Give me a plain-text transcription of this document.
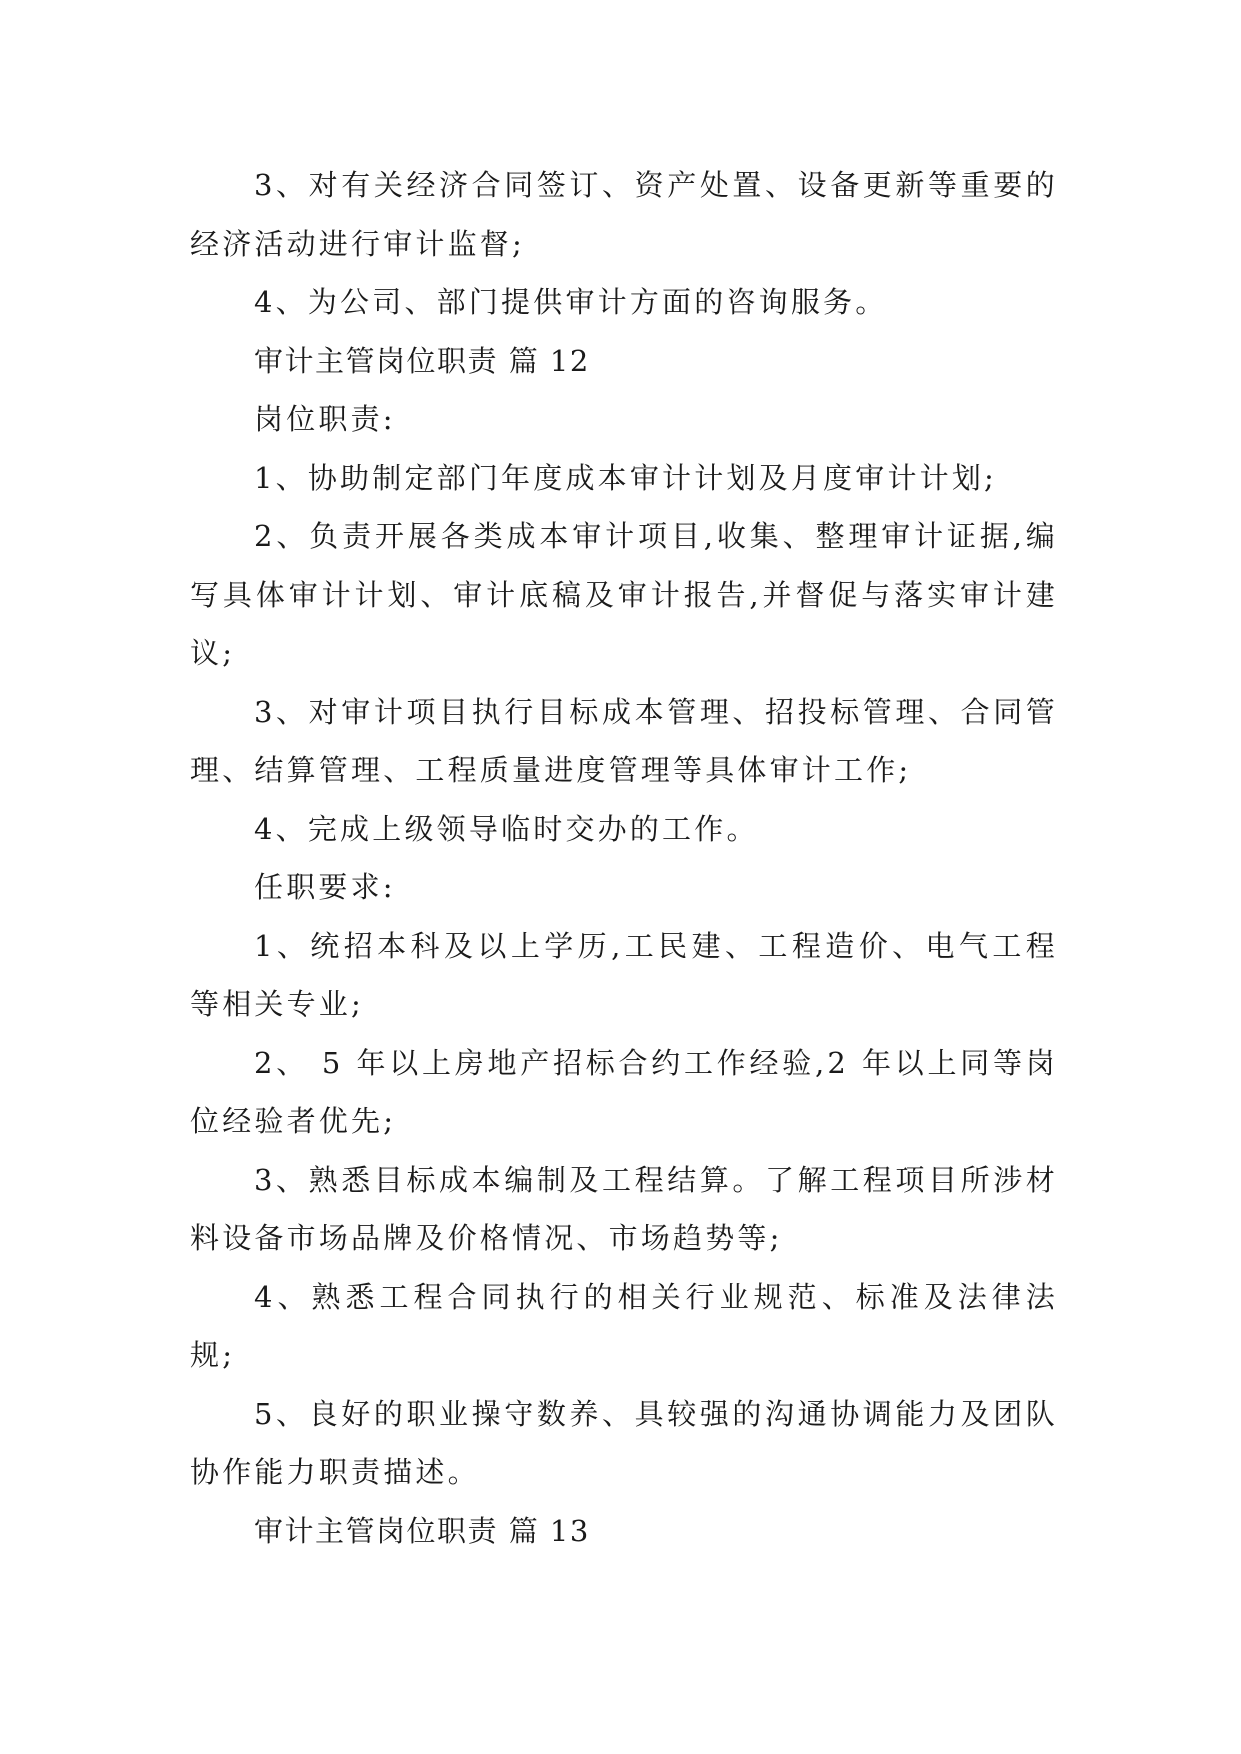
3、对有关经济合同签订、资产处置、设备更新等重要的经济活动进行审计监督;

4、为公司、部门提供审计方面的咨询服务。

审计主管岗位职责 篇 12

岗位职责:

1、协助制定部门年度成本审计计划及月度审计计划;

2、负责开展各类成本审计项目,收集、整理审计证据,编写具体审计计划、审计底稿及审计报告,并督促与落实审计建议;

3、对审计项目执行目标成本管理、招投标管理、合同管理、结算管理、工程质量进度管理等具体审计工作;

4、完成上级领导临时交办的工作。

任职要求:

1、统招本科及以上学历,工民建、工程造价、电气工程等相关专业;

2、 5 年以上房地产招标合约工作经验,2 年以上同等岗位经验者优先;

3、熟悉目标成本编制及工程结算。了解工程项目所涉材料设备市场品牌及价格情况、市场趋势等;

4、熟悉工程合同执行的相关行业规范、标准及法律法规;

5、良好的职业操守数养、具较强的沟通协调能力及团队协作能力职责描述。

审计主管岗位职责 篇 13
